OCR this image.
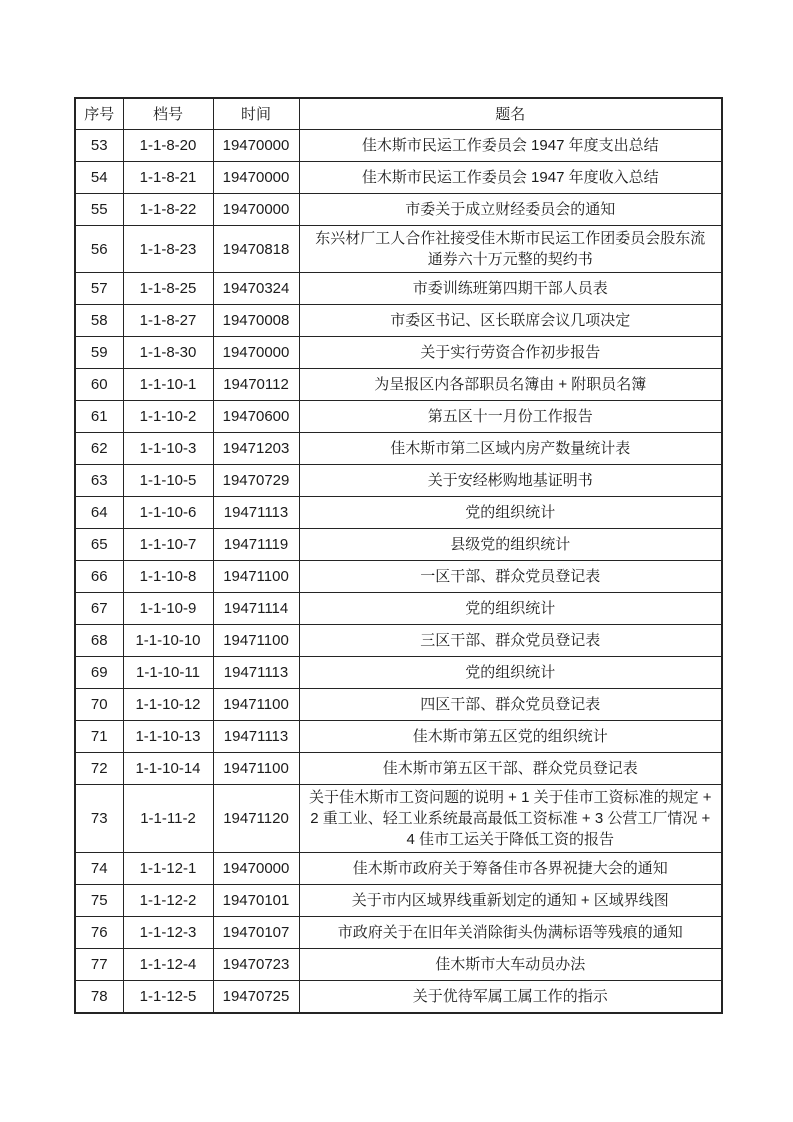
序号	档号	时间	题名
53	1-1-8-20	19470000	佳木斯市民运工作委员会 1947 年度支出总结
54	1-1-8-21	19470000	佳木斯市民运工作委员会 1947 年度收入总结
55	1-1-8-22	19470000	市委关于成立财经委员会的通知
56	1-1-8-23	19470818	东兴材厂工人合作社接受佳木斯市民运工作团委员会股东流通券六十万元整的契约书
57	1-1-8-25	19470324	市委训练班第四期干部人员表
58	1-1-8-27	19470008	市委区书记、区长联席会议几项决定
59	1-1-8-30	19470000	关于实行劳资合作初步报告
60	1-1-10-1	19470112	为呈报区内各部职员名簿由 + 附职员名簿
61	1-1-10-2	19470600	第五区十一月份工作报告
62	1-1-10-3	19471203	佳木斯市第二区域内房产数量统计表
63	1-1-10-5	19470729	关于安经彬购地基证明书
64	1-1-10-6	19471113	党的组织统计
65	1-1-10-7	19471119	县级党的组织统计
66	1-1-10-8	19471100	一区干部、群众党员登记表
67	1-1-10-9	19471114	党的组织统计
68	1-1-10-10	19471100	三区干部、群众党员登记表
69	1-1-10-11	19471113	党的组织统计
70	1-1-10-12	19471100	四区干部、群众党员登记表
71	1-1-10-13	19471113	佳木斯市第五区党的组织统计
72	1-1-10-14	19471100	佳木斯市第五区干部、群众党员登记表
73	1-1-11-2	19471120	关于佳木斯市工资问题的说明 + 1 关于佳市工资标准的规定 + 2 重工业、轻工业系统最高最低工资标准 + 3 公营工厂情况 + 4 佳市工运关于降低工资的报告
74	1-1-12-1	19470000	佳木斯市政府关于筹备佳市各界祝捷大会的通知
75	1-1-12-2	19470101	关于市内区域界线重新划定的通知 + 区域界线图
76	1-1-12-3	19470107	市政府关于在旧年关消除街头伪满标语等残痕的通知
77	1-1-12-4	19470723	佳木斯市大车动员办法
78	1-1-12-5	19470725	关于优待军属工属工作的指示
